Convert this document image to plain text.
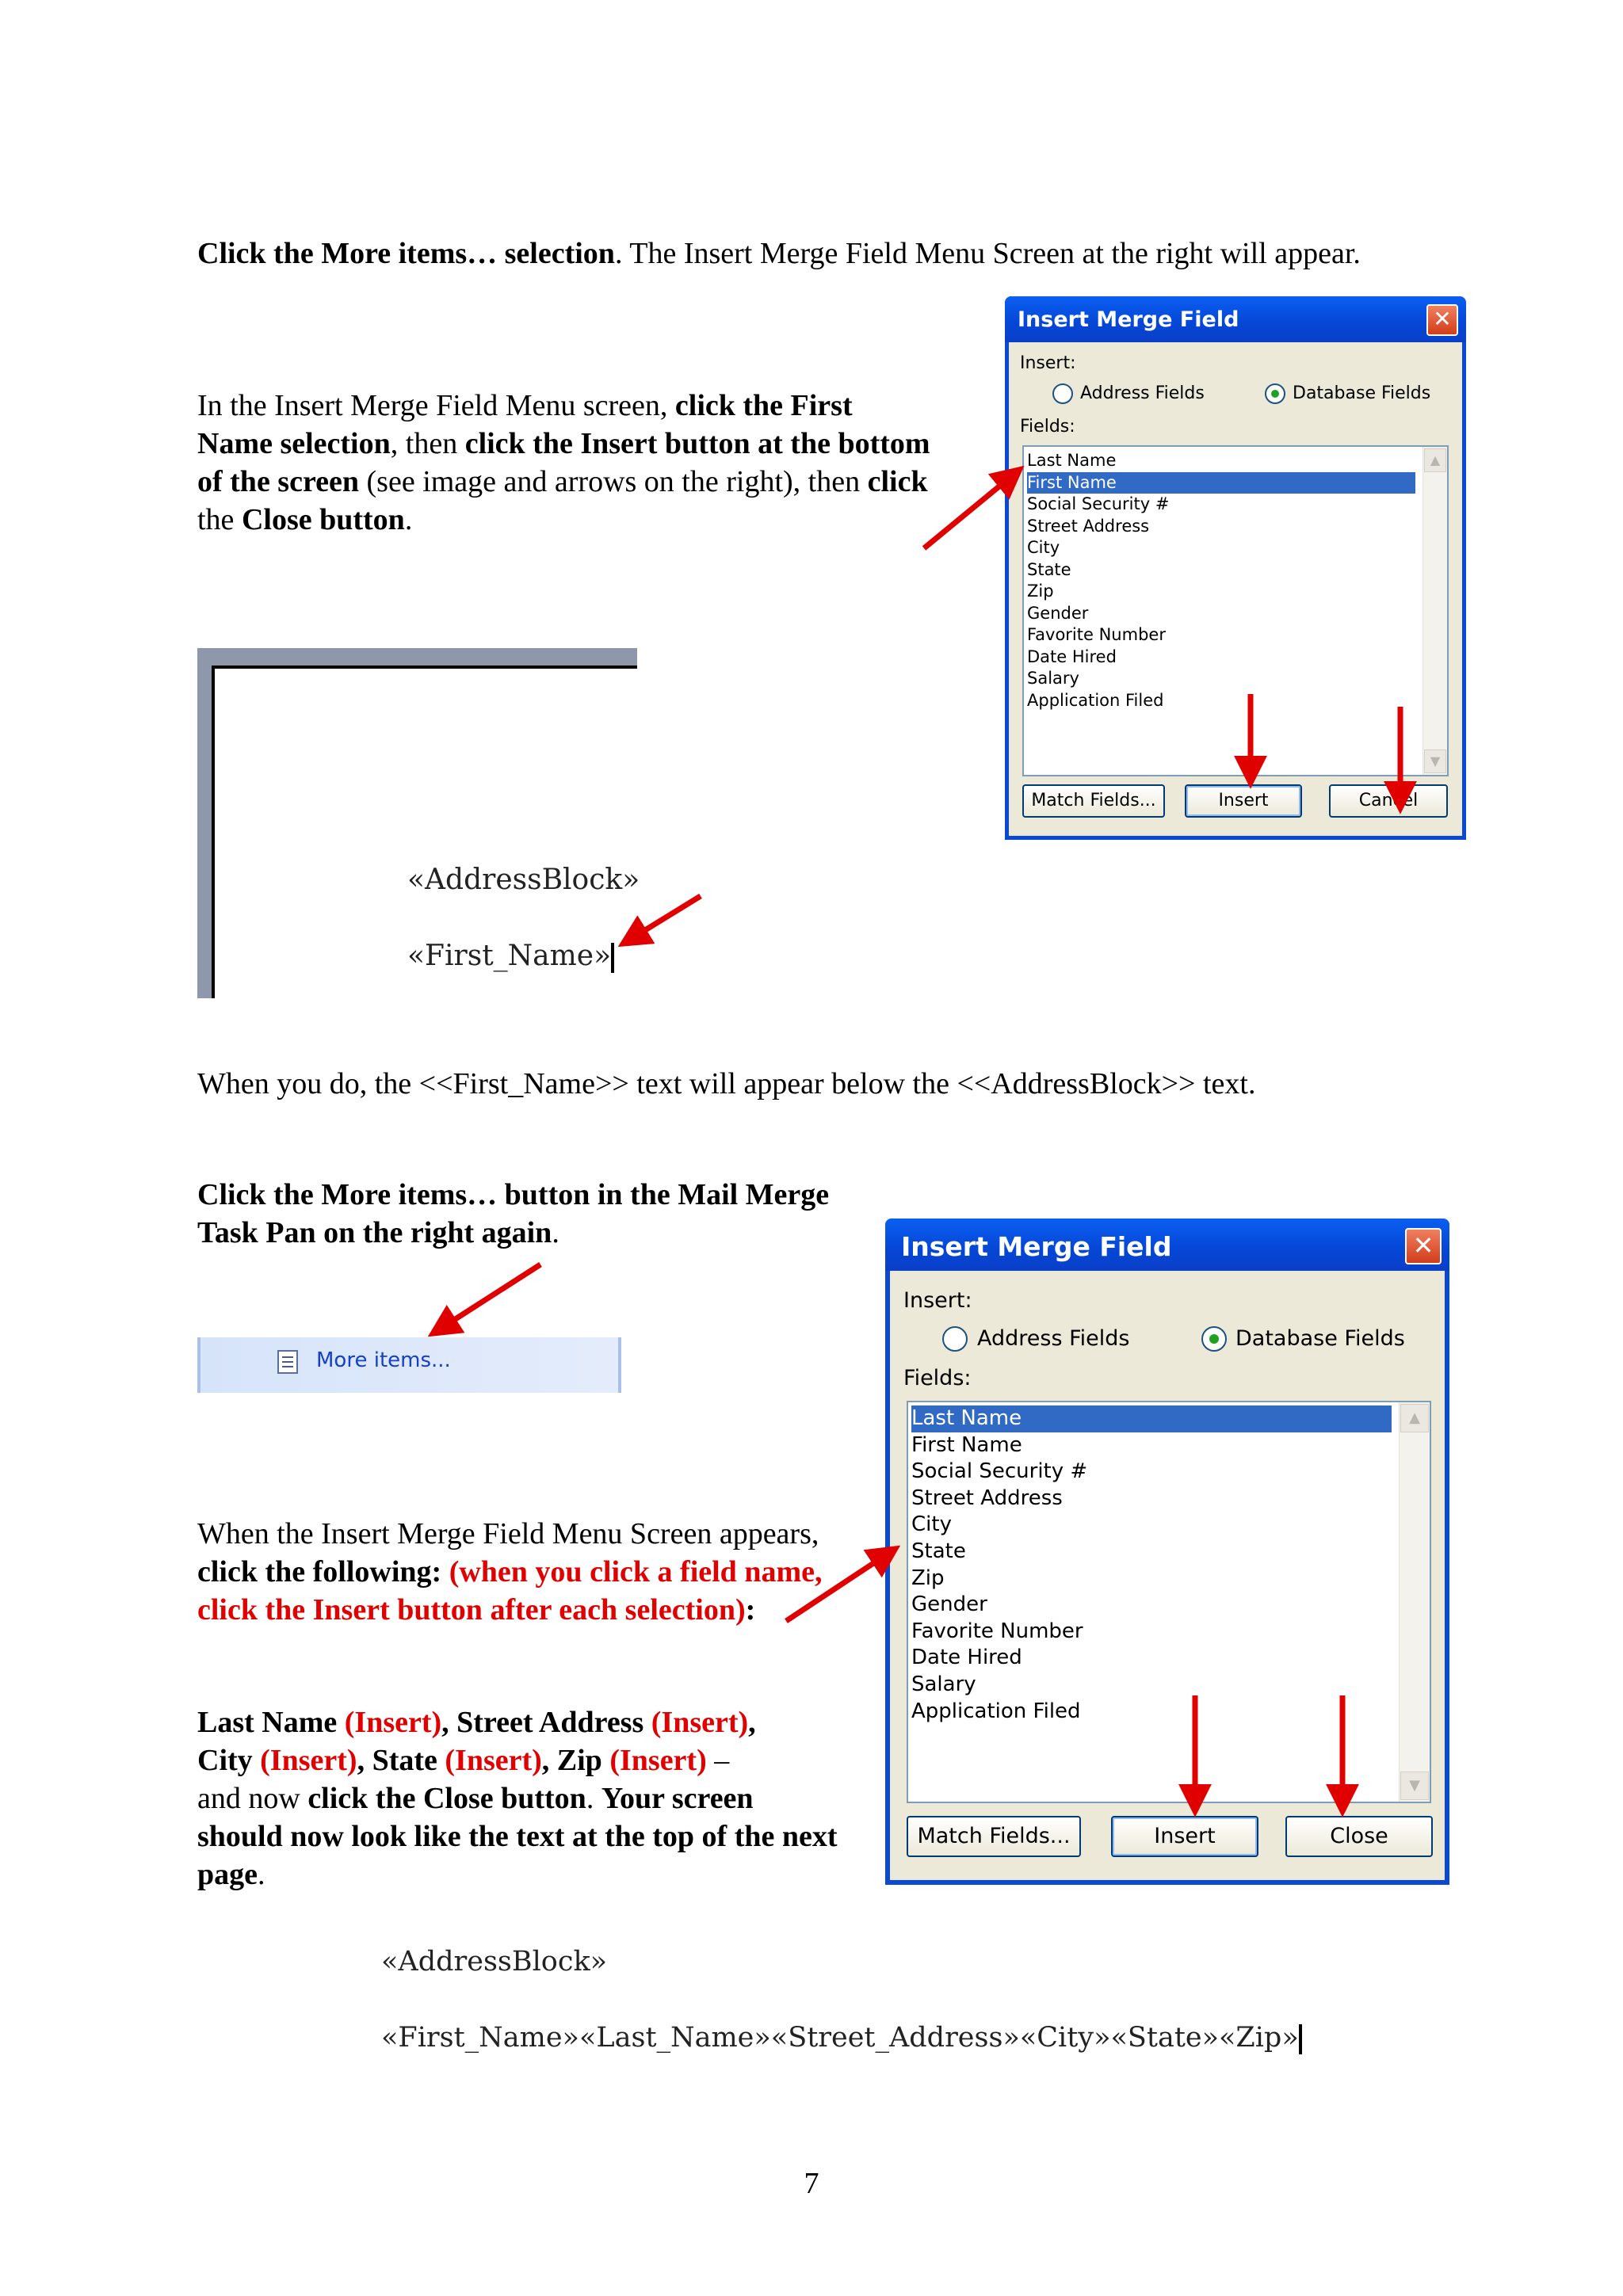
Click the More items… selection. The Insert Merge Field Menu Screen at the right will appear.
In the Insert Merge Field Menu screen, click the First Name selection, then click the Insert button at the bottom of the screen (see image and arrows on the right), then click the Close button.
«AddressBlock»
«First_Name»
When you do, the <<First_Name>> text will appear below the <<AddressBlock>> text.
Insert Merge Field	✕
Insert:
Address Fields	Database Fields
Fields:
Last Name
First Name
Social Security #
Street Address
City
State
Zip
Gender
Favorite Number
Date Hired
Salary
Application Filed
▲
▼
Match Fields...	Insert	Cancel
Click the More items… button in the Mail Merge Task Pan on the right again.
More items...
When the Insert Merge Field Menu Screen appears, click the following: (when you click a field name, click the Insert button after each selection):
Last Name (Insert), Street Address (Insert),
City (Insert), State (Insert), Zip (Insert) –
and now click the Close button. Your screen should now look like the text at the top of the next page.
Insert Merge Field	✕
Insert:
Address Fields	Database Fields
Fields:
Last Name
First Name
Social Security #
Street Address
City
State
Zip
Gender
Favorite Number
Date Hired
Salary
Application Filed
▲
▼
Match Fields...	Insert	Close
«AddressBlock»
«First_Name»«Last_Name»«Street_Address»«City»«State»«Zip»
7
